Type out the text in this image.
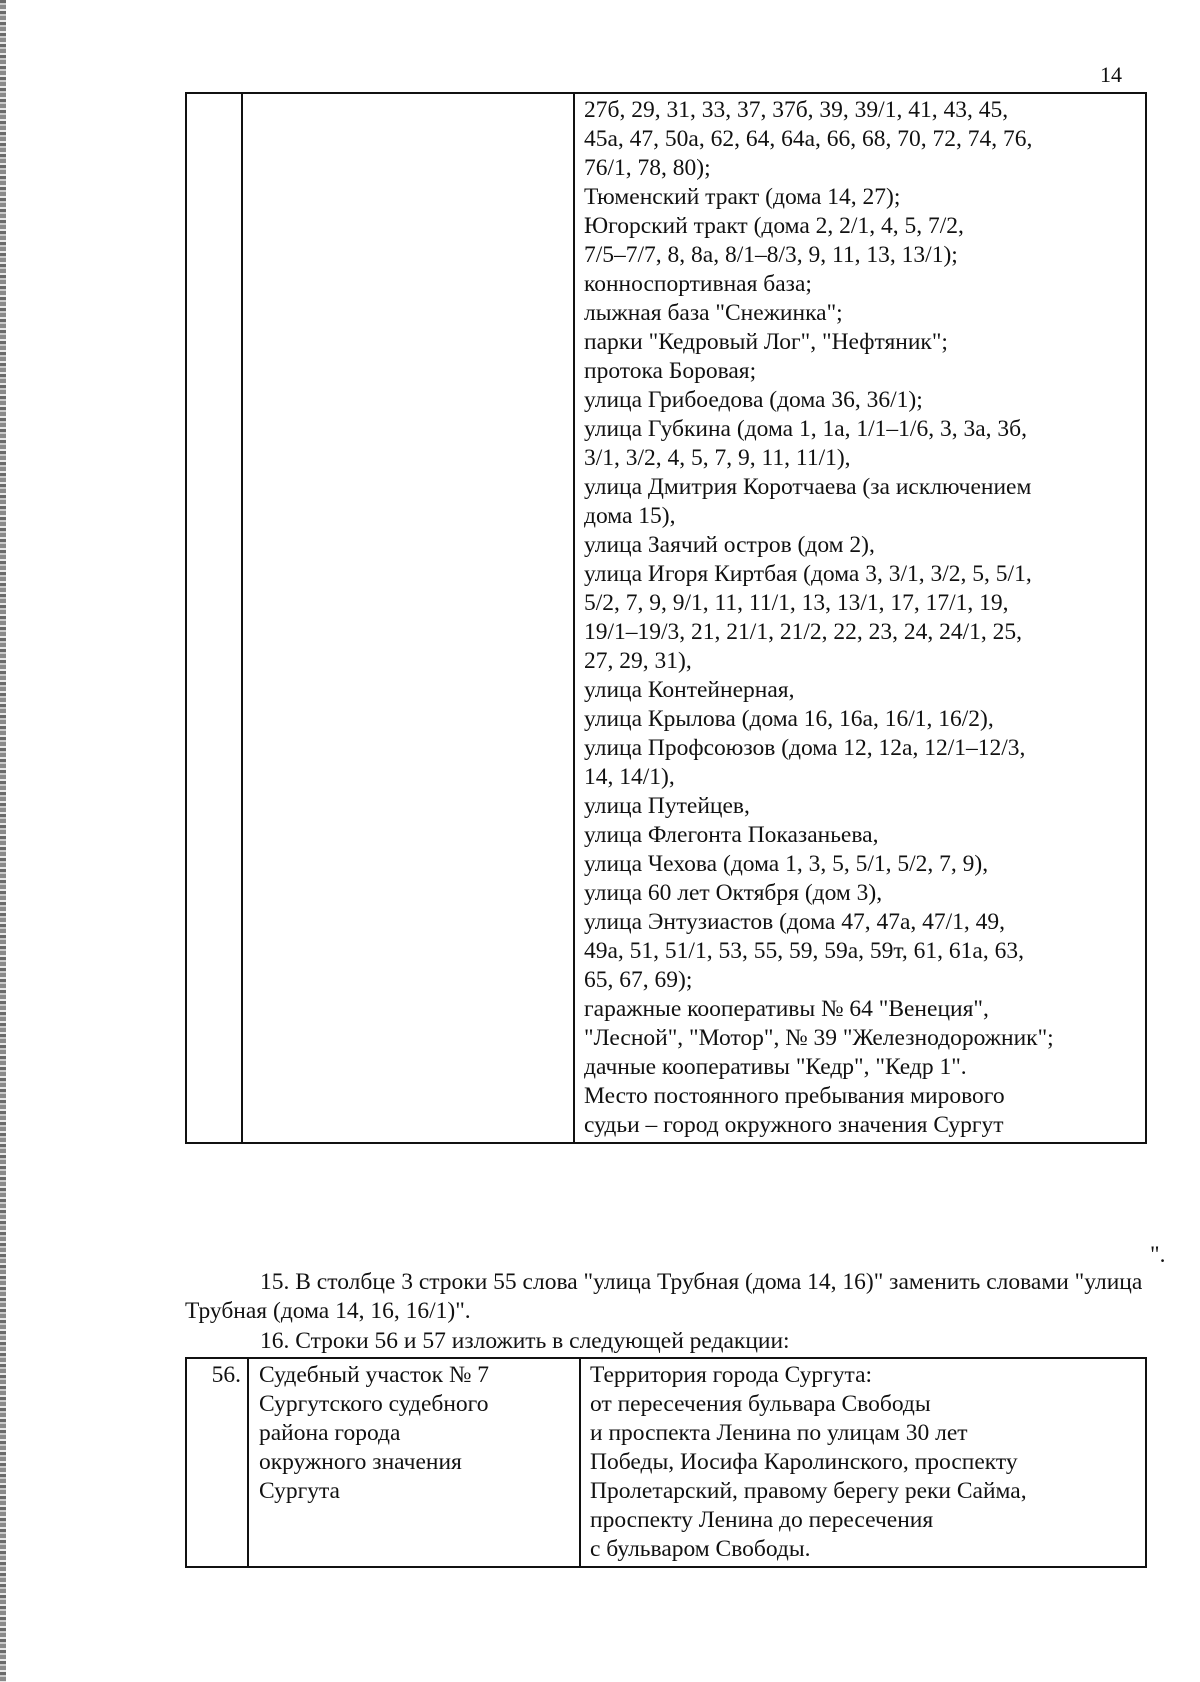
14

27б, 29, 31, 33, 37, 37б, 39, 39/1, 41, 43, 45,
45а, 47, 50а, 62, 64, 64а, 66, 68, 70, 72, 74, 76,
76/1, 78, 80);
Тюменский тракт (дома 14, 27);
Югорский тракт (дома 2, 2/1, 4, 5, 7/2,
7/5–7/7, 8, 8а, 8/1–8/3, 9, 11, 13, 13/1);
конноспортивная база;
лыжная база "Снежинка";
парки "Кедровый Лог", "Нефтяник";
протока Боровая;
улица Грибоедова (дома 36, 36/1);
улица Губкина (дома 1, 1а, 1/1–1/6, 3, 3а, 3б,
3/1, 3/2, 4, 5, 7, 9, 11, 11/1),
улица Дмитрия Коротчаева (за исключением
дома 15),
улица Заячий остров (дом 2),
улица Игоря Киртбая (дома 3, 3/1, 3/2, 5, 5/1,
5/2, 7, 9, 9/1, 11, 11/1, 13, 13/1, 17, 17/1, 19,
19/1–19/3, 21, 21/1, 21/2, 22, 23, 24, 24/1, 25,
27, 29, 31),
улица Контейнерная,
улица Крылова (дома 16, 16а, 16/1, 16/2),
улица Профсоюзов (дома 12, 12а, 12/1–12/3,
14, 14/1),
улица Путейцев,
улица Флегонта Показаньева,
улица Чехова (дома 1, 3, 5, 5/1, 5/2, 7, 9),
улица 60 лет Октября (дом 3),
улица Энтузиастов (дома 47, 47а, 47/1, 49,
49а, 51, 51/1, 53, 55, 59, 59а, 59т, 61, 61а, 63,
65, 67, 69);
гаражные кооперативы № 64 "Венеция",
"Лесной", "Мотор", № 39 "Железнодорожник";
дачные кооперативы "Кедр", "Кедр 1".
Место постоянного пребывания мирового
судьи – город окружного значения Сургут
".
15. В столбце 3 строки 55 слова "улица Трубная (дома 14, 16)" заменить словами "улица Трубная (дома 14, 16, 16/1)".
16. Строки 56 и 57 изложить в следующей редакции:
56.	Судебный участок № 7
Сургутского судебного
района города
окружного значения
Сургута

Территория города Сургута:
от пересечения бульвара Свободы
и проспекта Ленина по улицам 30 лет
Победы, Иосифа Каролинского, проспекту
Пролетарский, правому берегу реки Сайма,
проспекту Ленина до пересечения
с бульваром Свободы.
